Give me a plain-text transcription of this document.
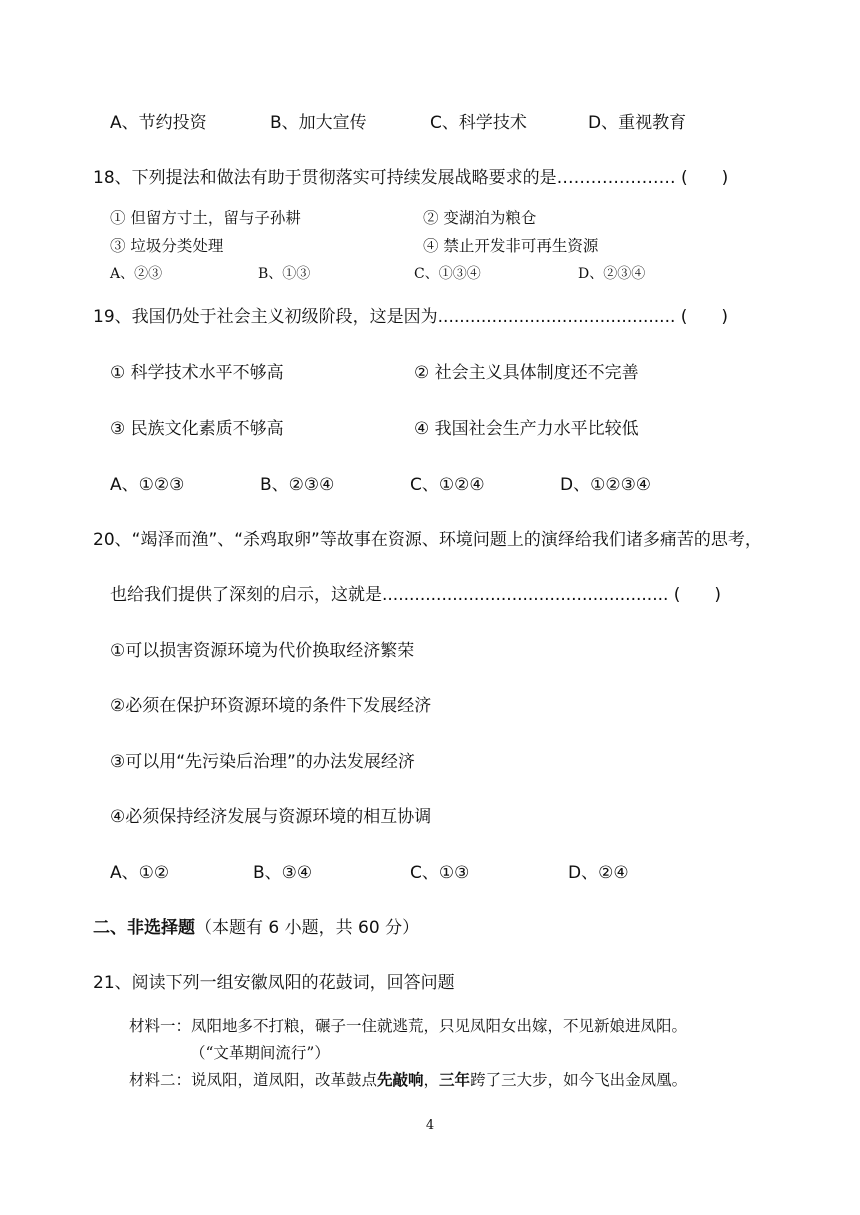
A、节约投资	B、加大宣传	C、科学技术	D、重视教育
18、下列提法和做法有助于贯彻落实可持续发展战略要求的是………………… (　　)
① 但留方寸土，留与子孙耕	② 变湖泊为粮仓
③ 垃圾分类处理	④ 禁止开发非可再生资源
A、②③	B、①③	C、①③④	D、②③④
19、我国仍处于社会主义初级阶段，这是因为............................................ (　　)
① 科学技术水平不够高	② 社会主义具体制度还不完善
③ 民族文化素质不够高	④ 我国社会生产力水平比较低
A、①②③	B、②③④	C、①②④	D、①②③④
20、“竭泽而渔”、“杀鸡取卵”等故事在资源、环境问题上的演绎给我们诸多痛苦的思考，
也给我们提供了深刻的启示，这就是..................................................... (　　)
①可以损害资源环境为代价换取经济繁荣
②必须在保护环资源环境的条件下发展经济
③可以用“先污染后治理”的办法发展经济
④必须保持经济发展与资源环境的相互协调
A、①②	B、③④	C、①③	D、②④
二、非选择题（本题有 6 小题，共 60 分）
21、阅读下列一组安徽凤阳的花鼓词，回答问题
材料一：凤阳地多不打粮，碾子一住就逃荒，只见凤阳女出嫁，不见新娘进凤阳。
（“文革期间流行”）
材料二：说凤阳，道凤阳，改革鼓点先敲响，三年跨了三大步，如今飞出金凤凰。
4
